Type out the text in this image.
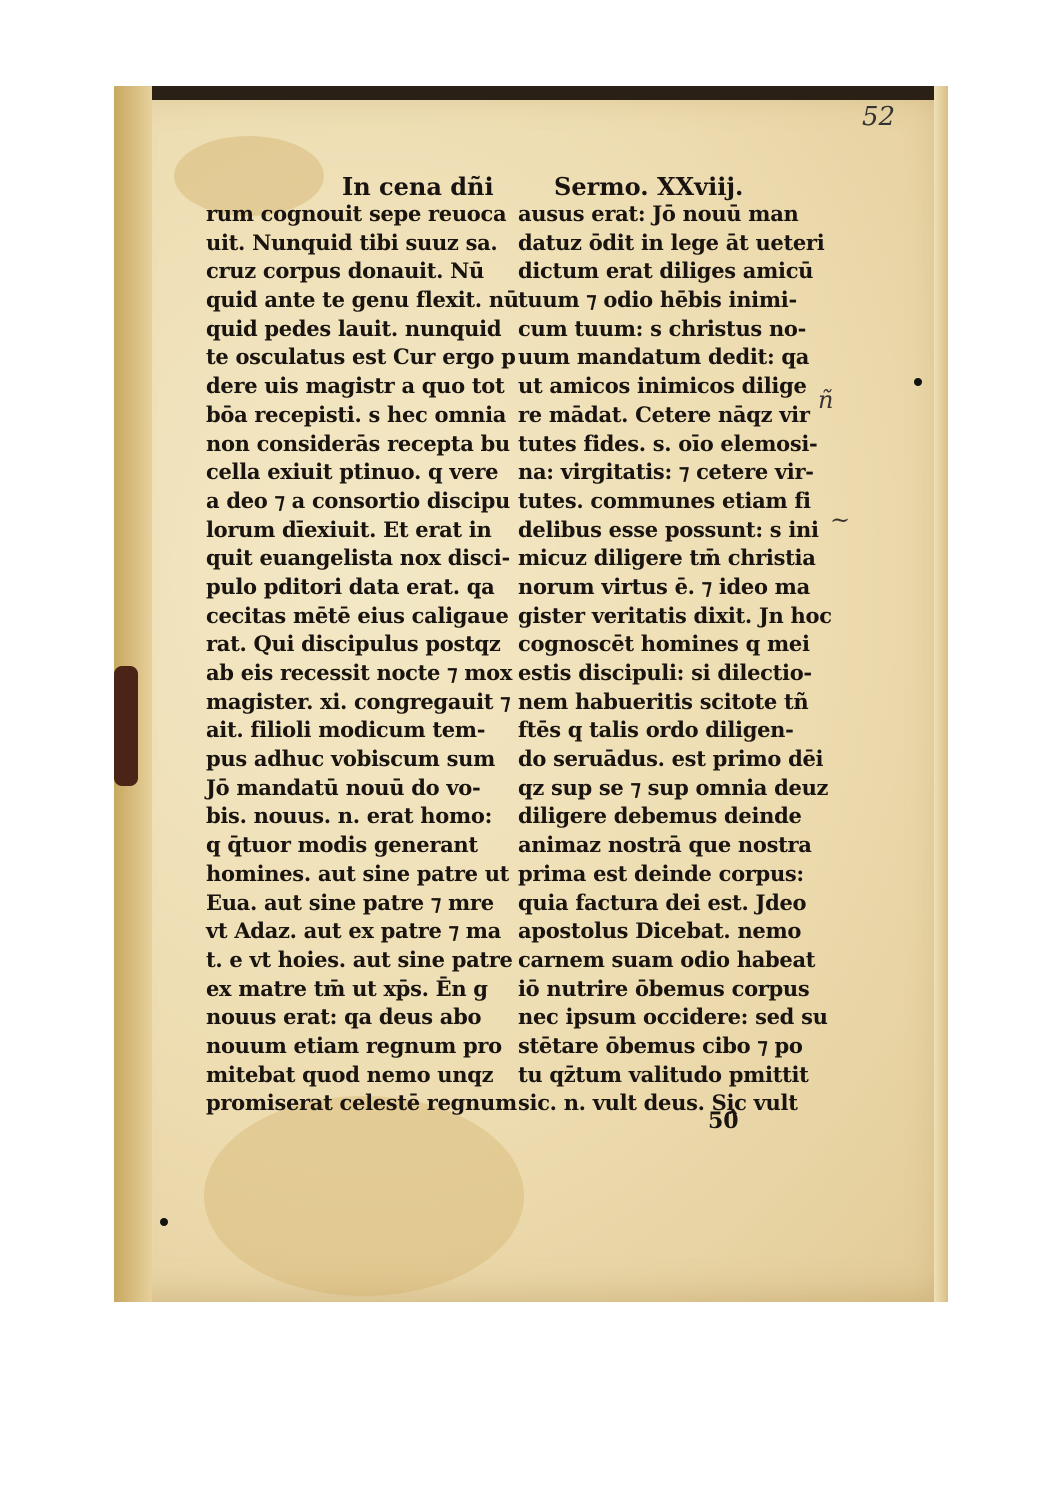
52
In cena dñi	Sermo. XXviij.
rum cognouit sepe reuoca
uit. Nunquid tibi suuz sa.
cruz corpus donauit. Nū
quid ante te genu flexit. nū
quid pedes lauit. nunquid
te osculatus est Cur ergo p
dere uis magistr a quo tot
bōa recepisti. s hec omnia
non considerās recepta bu
cella exiuit ptinuo. q vere
a deo ⁊ a consortio discipu
lorum dīexiuit. Et erat in
quit euangelista nox disci-
pulo pditori data erat. qa
cecitas mētē eius caligaue
rat. Qui discipulus postqz
ab eis recessit nocte ⁊ mox
magister. xi. congregauit ⁊
ait. filioli modicum tem-
pus adhuc vobiscum sum
Jō mandatū nouū do vo-
bis. nouus. n. erat homo:
q q̄tuor modis generant
homines. aut sine patre ut
Eua. aut sine patre ⁊ mre
vt Adaz. aut ex patre ⁊ ma
t. e vt hoies. aut sine patre
ex matre tm̄ ut xp̄s. Ēn g
nouus erat: qa deus abo
nouum etiam regnum pro
mitebat quod nemo unqz
promiserat celestē regnum
ausus erat: Jō nouū man
datuz ōdit in lege āt ueteri
dictum erat diliges amicū
tuum ⁊ odio hēbis inimi-
cum tuum: s christus no-
uum mandatum dedit: qa
ut amicos inimicos dilige
re mādat. Cetere nāqz vir
tutes fides. s. oīo elemosi-
na: virgitatis: ⁊ cetere vir-
tutes. communes etiam fi
delibus esse possunt: s ini
micuz diligere tm̄ christia
norum virtus ē. ⁊ ideo ma
gister veritatis dixit. Jn hoc
cognoscēt homines q mei
estis discipuli: si dilectio-
nem habueritis scitote tñ
ftēs q talis ordo diligen-
do seruādus. est primo dēi
qz sup se ⁊ sup omnia deuz
diligere debemus deinde
animaz nostrā que nostra
prima est deinde corpus:
quia factura dei est. Jdeo
apostolus Dicebat. nemo
carnem suam odio habeat
iō nutrire ōbemus corpus
nec ipsum occidere: sed su
stētare ōbemus cibo ⁊ po
tu qz̄tum valitudo pmittit
sic. n. vult deus. Sic vult
ñ
~
50̂
